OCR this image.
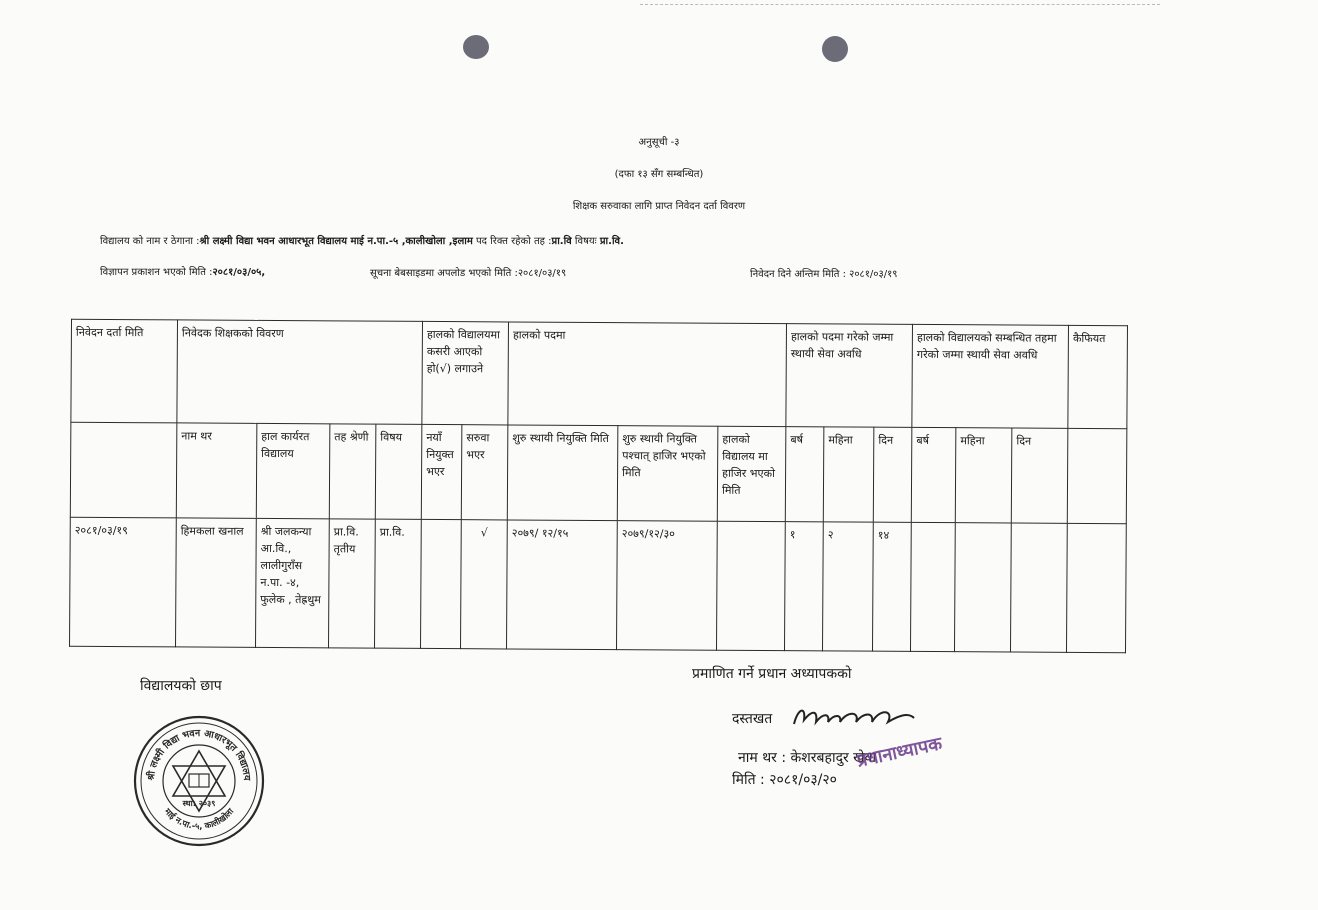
अनुसूची -३
(दफा १३ सँग सम्बन्धित)
शिक्षक सरुवाका लागि प्राप्त निवेदन दर्ता विवरण
विद्यालय को नाम र ठेगाना :श्री लक्ष्मी विद्या भवन आधारभूत विद्यालय माई न.पा.-५ ,कालीखोला ,इलाम पद रिक्त रहेको तह :प्रा.वि विषयः प्रा.वि.
विज्ञापन प्रकाशन भएको मिति :२०८१/०३/०५,	सूचना बेबसाइडमा अपलोड भएको मिति :२०८१/०३/१९	निवेदन दिने अन्तिम मिति : २०८१/०३/१९
निवेदन दर्ता मिति	निवेदक शिक्षकको विवरण				हालको विद्यालयमा कसरी आएको हो(√) लगाउने		हालको पदमा			हालको पदमा गरेको जम्मा स्थायी सेवा अवधि			हालको विद्यालयको सम्बन्धित तहमा गरेको जम्मा स्थायी सेवा अवधि			कैफियत
	नाम थर	हाल कार्यरत विद्यालय	तह श्रेणी	विषय	नयाँ नियुक्त भएर	सरुवा भएर	शुरु स्थायी नियुक्ति मिति	शुरु स्थायी नियुक्ति पश्चात् हाजिर भएको मिति	हालको विद्यालय मा हाजिर भएको मिति	बर्ष	महिना	दिन	बर्ष	महिना	दिन	
२०८१/०३/१९	हिमकला खनाल	श्री जलकन्या आ.वि., लालीगुराँस न.पा. -४, फुलेक , तेह्रथुम	प्रा.वि. तृतीय	प्रा.वि.		√	२०७९/ १२/१५	२०७९/१२/३०		१	२	१४				
विद्यालयको छाप
श्री लक्ष्मी विद्या भवन आधारभूत विद्यालय
माई न.पा.-५, कालीखोला
स्था: २०३९
प्रमाणित गर्ने प्रधान अध्यापकको
दस्तखत
नाम थर : केशरबहादुर खेवा
मिति : २०८१/०३/२०
प्रधानाध्यापक
